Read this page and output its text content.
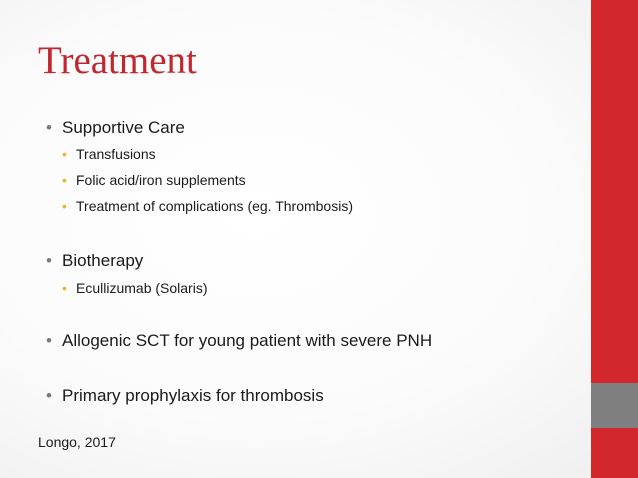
Treatment
• Supportive Care
• Transfusions
• Folic acid/iron supplements
• Treatment of complications (eg. Thrombosis)
• Biotherapy
• Ecullizumab (Solaris)
• Allogenic SCT for young patient with severe PNH
• Primary prophylaxis for thrombosis

Longo, 2017
